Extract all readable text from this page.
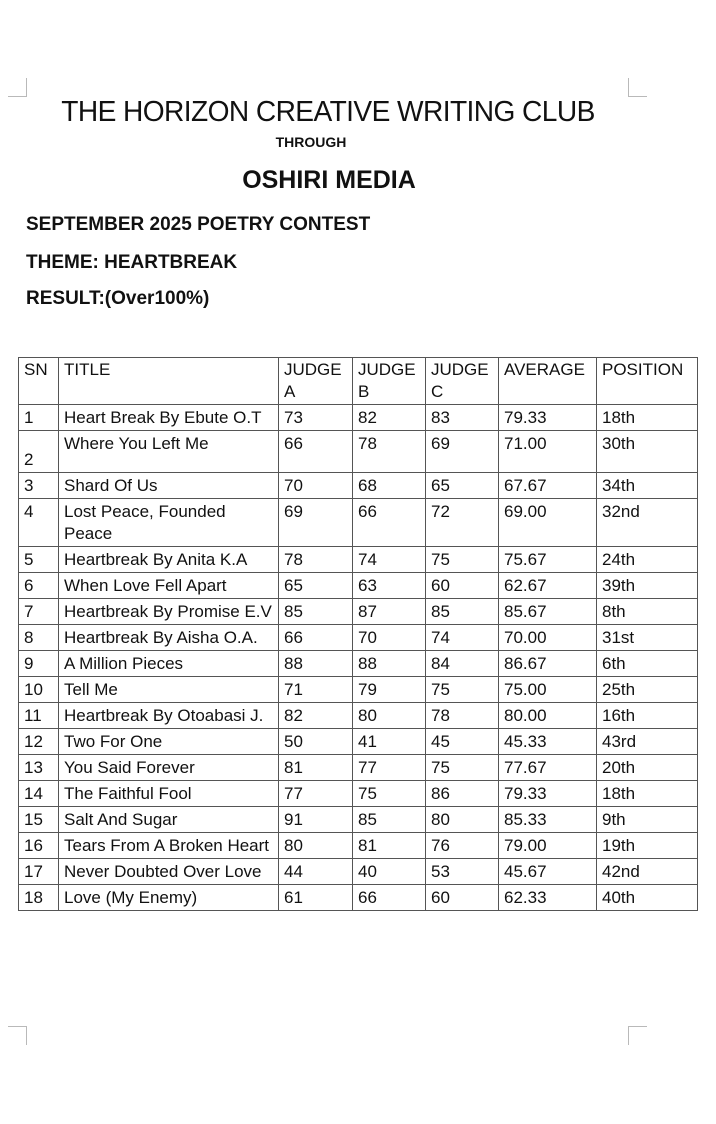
THE HORIZON CREATIVE WRITING CLUB
THROUGH
OSHIRI MEDIA
SEPTEMBER 2025 POETRY CONTEST
THEME: HEARTBREAK
RESULT:(Over100%)
SN	TITLE	JUDGE A	JUDGE B	JUDGE C	AVERAGE	POSITION
1	Heart Break By Ebute O.T	73	82	83	79.33	18th
2	Where You Left Me	66	78	69	71.00	30th
3	Shard Of Us	70	68	65	67.67	34th
4	Lost Peace, Founded Peace	69	66	72	69.00	32nd
5	Heartbreak By Anita K.A	78	74	75	75.67	24th
6	When Love Fell Apart	65	63	60	62.67	39th
7	Heartbreak By Promise E.V	85	87	85	85.67	8th
8	Heartbreak By Aisha O.A.	66	70	74	70.00	31st
9	A Million Pieces	88	88	84	86.67	6th
10	Tell Me	71	79	75	75.00	25th
11	Heartbreak By Otoabasi J.	82	80	78	80.00	16th
12	Two For One	50	41	45	45.33	43rd
13	You Said Forever	81	77	75	77.67	20th
14	The Faithful Fool	77	75	86	79.33	18th
15	Salt And Sugar	91	85	80	85.33	9th
16	Tears From A Broken Heart	80	81	76	79.00	19th
17	Never Doubted Over Love	44	40	53	45.67	42nd
18	Love (My Enemy)	61	66	60	62.33	40th
